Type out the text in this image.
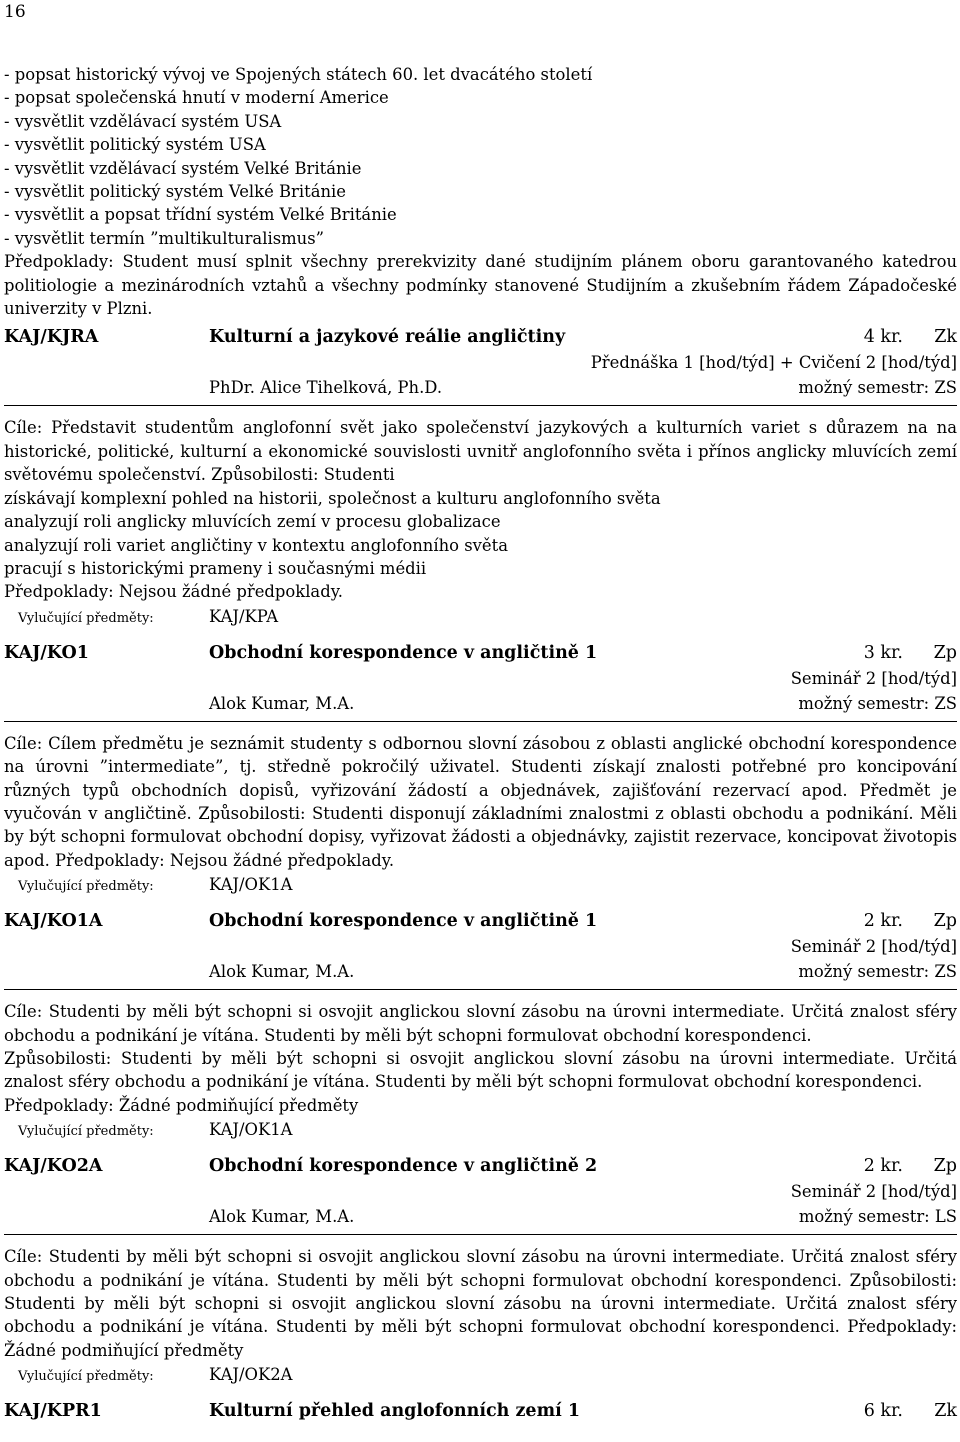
16

- popsat historický vývoj ve Spojených státech 60. let dvacátého století

- popsat společenská hnutí v moderní Americe

- vysvětlit vzdělávací systém USA

- vysvětlit politický systém USA

- vysvětlit vzdělávací systém Velké Británie

- vysvětlit politický systém Velké Británie

- vysvětlit a popsat třídní systém Velké Británie

- vysvětlit termín ”multikulturalismus”

Předpoklady: Student musí splnit všechny prerekvizity dané studijním plánem oboru garantovaného katedrou politiologie a mezinárodních vztahů a všechny podmínky stanovené Studijním a zkušebním řádem Západočeské univerzity v Plzni.

KAJ/KJRA	Kulturní a jazykové reálie angličtiny	4 kr.	Zk
Přednáška 1 [hod/týd] + Cvičení 2 [hod/týd]
PhDr. Alice Tihelková, Ph.D.	možný semestr: ZS

Cíle: Představit studentům anglofonní svět jako společenství jazykových a kulturních variet s důrazem na na historické, politické, kulturní a ekonomické souvislosti uvnitř anglofonního světa i přínos anglicky mluvících zemí světovému společenství. Způsobilosti: Studenti

získávají komplexní pohled na historii, společnost a kulturu anglofonního světa

analyzují roli anglicky mluvících zemí v procesu globalizace

analyzují roli variet angličtiny v kontextu anglofonního světa

pracují s historickými prameny i současnými médii

Předpoklady: Nejsou žádné předpoklady.

Vylučující předměty:	KAJ/KPA
KAJ/KO1	Obchodní korespondence v angličtině 1	3 kr.	Zp
Seminář 2 [hod/týd]
Alok Kumar, M.A.	možný semestr: ZS

Cíle: Cílem předmětu je seznámit studenty s odbornou slovní zásobou z oblasti anglické obchodní korespondence na úrovni ”intermediate”, tj. středně pokročilý uživatel. Studenti získají znalosti potřebné pro koncipování různých typů obchodních dopisů, vyřizování žádostí a objednávek, zajišťování rezervací apod. Předmět je vyučován v angličtině. Způsobilosti: Studenti disponují základními znalostmi z oblasti obchodu a podnikání. Měli by být schopni formulovat obchodní dopisy, vyřizovat žádosti a objednávky, zajistit rezervace, koncipovat životopis apod. Předpoklady: Nejsou žádné předpoklady.

Vylučující předměty:	KAJ/OK1A
KAJ/KO1A	Obchodní korespondence v angličtině 1	2 kr.	Zp
Seminář 2 [hod/týd]
Alok Kumar, M.A.	možný semestr: ZS

Cíle: Studenti by měli být schopni si osvojit anglickou slovní zásobu na úrovni intermediate. Určitá znalost sféry obchodu a podnikání je vítána. Studenti by měli být schopni formulovat obchodní korespondenci.

Způsobilosti: Studenti by měli být schopni si osvojit anglickou slovní zásobu na úrovni intermediate. Určitá znalost sféry obchodu a podnikání je vítána. Studenti by měli být schopni formulovat obchodní korespondenci.

Předpoklady: Žádné podmiňující předměty

Vylučující předměty:	KAJ/OK1A
KAJ/KO2A	Obchodní korespondence v angličtině 2	2 kr.	Zp
Seminář 2 [hod/týd]
Alok Kumar, M.A.	možný semestr: LS

Cíle: Studenti by měli být schopni si osvojit anglickou slovní zásobu na úrovni intermediate. Určitá znalost sféry obchodu a podnikání je vítána. Studenti by měli být schopni formulovat obchodní korespondenci. Způsobilosti: Studenti by měli být schopni si osvojit anglickou slovní zásobu na úrovni intermediate. Určitá znalost sféry obchodu a podnikání je vítána. Studenti by měli být schopni formulovat obchodní korespondenci. Předpoklady: Žádné podmiňující předměty

Vylučující předměty:	KAJ/OK2A
KAJ/KPR1	Kulturní přehled anglofonních zemí 1	6 kr.	Zk
